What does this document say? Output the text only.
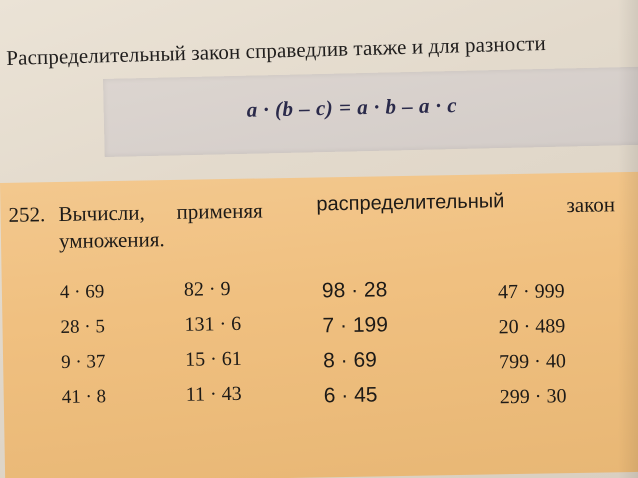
Распределительный закон справедлив также и для разности
a · (b – c) = a · b – a · c
252. Вычисли, применяя	распределительный	закон
умножения.
4 · 69
28 · 5
9 · 37
41 · 8
82 · 9
131 · 6
15 · 61
11 · 43
98 · 28
7 · 199
8 · 69
6 · 45
47 · 999
20 · 489
799 · 40
299 · 30
